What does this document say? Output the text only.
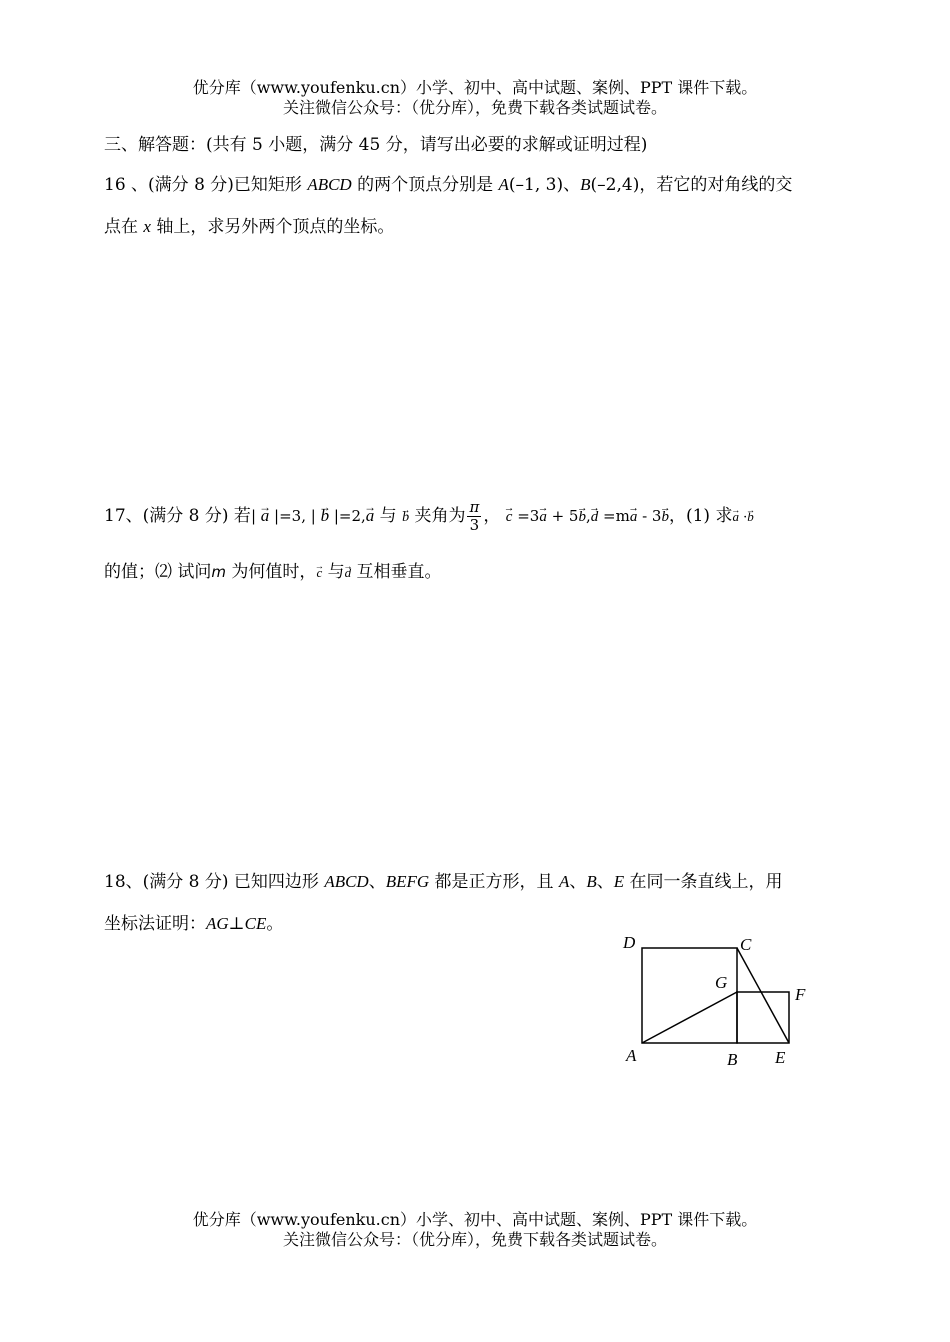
优分库（www.youfenku.cn）小学、初中、高中试题、案例、PPT 课件下载。
关注微信公众号：（优分库），免费下载各类试题试卷。
三、解答题：(共有 5 小题，满分 45 分，请写出必要的求解或证明过程)
16 、(满分 8 分)已知矩形 ABCD 的两个顶点分别是 A(–1, 3)、B(–2,4)，若它的对角线的交
点在 x 轴上，求另外两个顶点的坐标。
17、(满分 8 分) 若| → a |=3, | → b |=2,→ a 与 → b 夹角为 $\frac{\pi}{3}$ ， → c =3→ a + 5→ b,→ d =m→ a - 3→ b，(1) 求→ a ·→ b
的值；⑵ 试问m 为何值时，→ c 与→ d 互相垂直。
18、(满分 8 分) 已知四边形 ABCD、BEFG 都是正方形，且 A、B、E 在同一条直线上，用
坐标法证明：AG⊥CE。
D	C
G
F
A	B E
优分库（www.youfenku.cn）小学、初中、高中试题、案例、PPT 课件下载。
关注微信公众号：（优分库），免费下载各类试题试卷。
